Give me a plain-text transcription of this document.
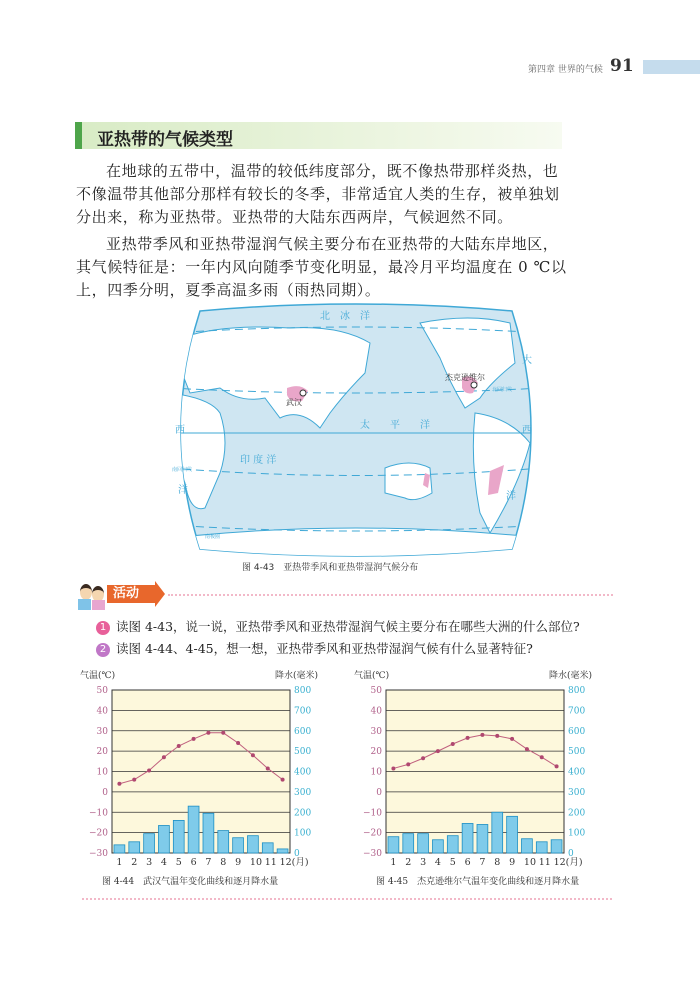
第四章 世界的气候 91
亚热带的气候类型
在地球的五带中，温带的较低纬度部分，既不像热带那样炎热，也
不像温带其他部分那样有较长的冬季，非常适宜人类的生存，被单独划
分出来，称为亚热带。亚热带的大陆东西两岸，气候迥然不同。
亚热带季风和亚热带湿润气候主要分布在亚热带的大陆东岸地区，
其气候特征是：一年内风向随季节变化明显，最冷月平均温度在 0 ℃以
上，四季分明，夏季高温多雨（雨热同期）。
北　冰　洋
太　　平　　洋
印 度 洋
大
西
洋
西
洋
武汉
杰克逊维尔
北回归线
南回归线
南极圈
图 4-43　亚热带季风和亚热带湿润气候分布
活动
1 读图 4-43，说一说，亚热带季风和亚热带湿润气候主要分布在哪些大洲的什么部位?
2 读图 4-44、4-45，想一想，亚热带季风和亚热带湿润气候有什么显著特征?
气温(℃)	降水(毫米)
50	800
40	700
30	600
20	500
10	400
0	300
−10	200
−20	100
−30	0
1 2 3 4 5 6 7 8 9 10 11 12(月)
图 4-44　武汉气温年变化曲线和逐月降水量
气温(℃)	降水(毫米)
50	800
40	700
30	600
20	500
10	400
0	300
−10	200
−20	100
−30	0
1 2 3 4 5 6 7 8 9 10 11 12(月)
图 4-45　杰克逊维尔气温年变化曲线和逐月降水量
